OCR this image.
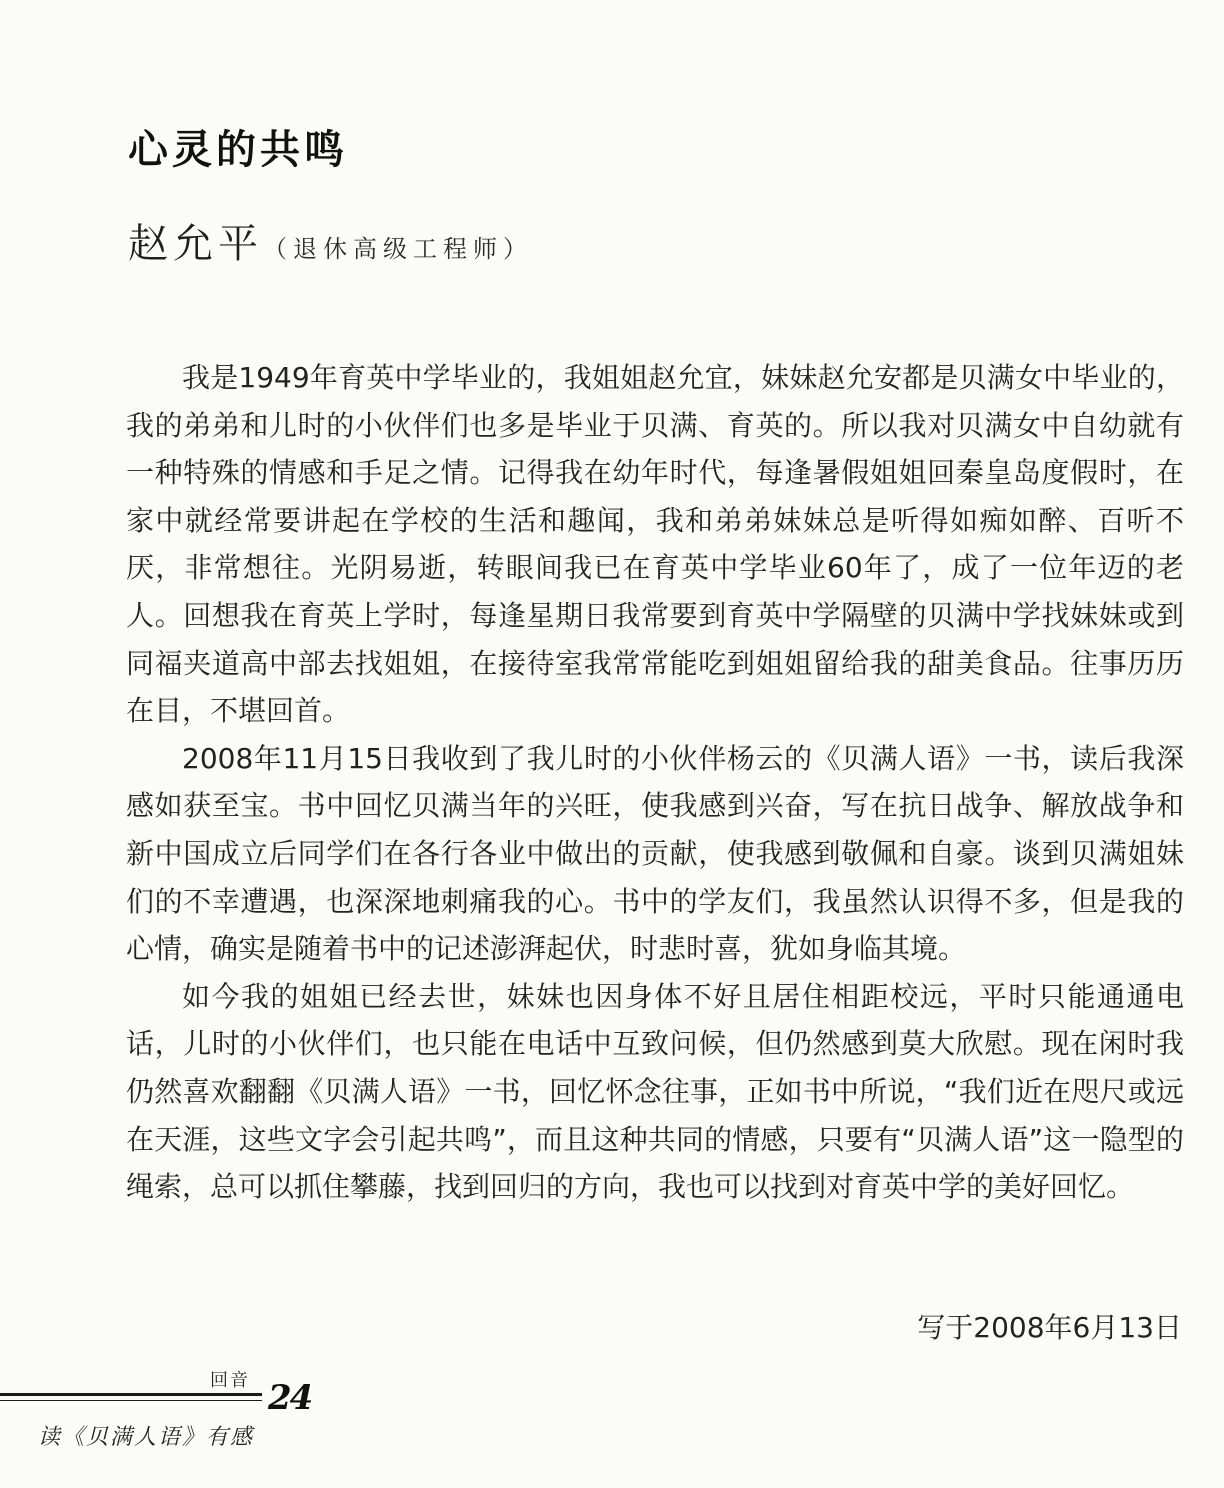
心灵的共鸣
赵允平（退休高级工程师）

我是1949年育英中学毕业的，我姐姐赵允宜，妹妹赵允安都是贝满女中毕业的，我的弟弟和儿时的小伙伴们也多是毕业于贝满、育英的。所以我对贝满女中自幼就有一种特殊的情感和手足之情。记得我在幼年时代，每逢暑假姐姐回秦皇岛度假时，在家中就经常要讲起在学校的生活和趣闻，我和弟弟妹妹总是听得如痴如醉、百听不厌，非常想往。光阴易逝，转眼间我已在育英中学毕业60年了，成了一位年迈的老人。回想我在育英上学时，每逢星期日我常要到育英中学隔壁的贝满中学找妹妹或到同福夹道高中部去找姐姐，在接待室我常常能吃到姐姐留给我的甜美食品。往事历历在目，不堪回首。

2008年11月15日我收到了我儿时的小伙伴杨云的《贝满人语》一书，读后我深感如获至宝。书中回忆贝满当年的兴旺，使我感到兴奋，写在抗日战争、解放战争和新中国成立后同学们在各行各业中做出的贡献，使我感到敬佩和自豪。谈到贝满姐妹们的不幸遭遇，也深深地刺痛我的心。书中的学友们，我虽然认识得不多，但是我的心情，确实是随着书中的记述澎湃起伏，时悲时喜，犹如身临其境。

如今我的姐姐已经去世，妹妹也因身体不好且居住相距校远，平时只能通通电话，儿时的小伙伴们，也只能在电话中互致问候，但仍然感到莫大欣慰。现在闲时我仍然喜欢翻翻《贝满人语》一书，回忆怀念往事，正如书中所说，“我们近在咫尺或远在天涯，这些文字会引起共鸣”，而且这种共同的情感，只要有“贝满人语”这一隐型的绳索，总可以抓住攀藤，找到回归的方向，我也可以找到对育英中学的美好回忆。

写于2008年6月13日
回音 24
读《贝满人语》有感
